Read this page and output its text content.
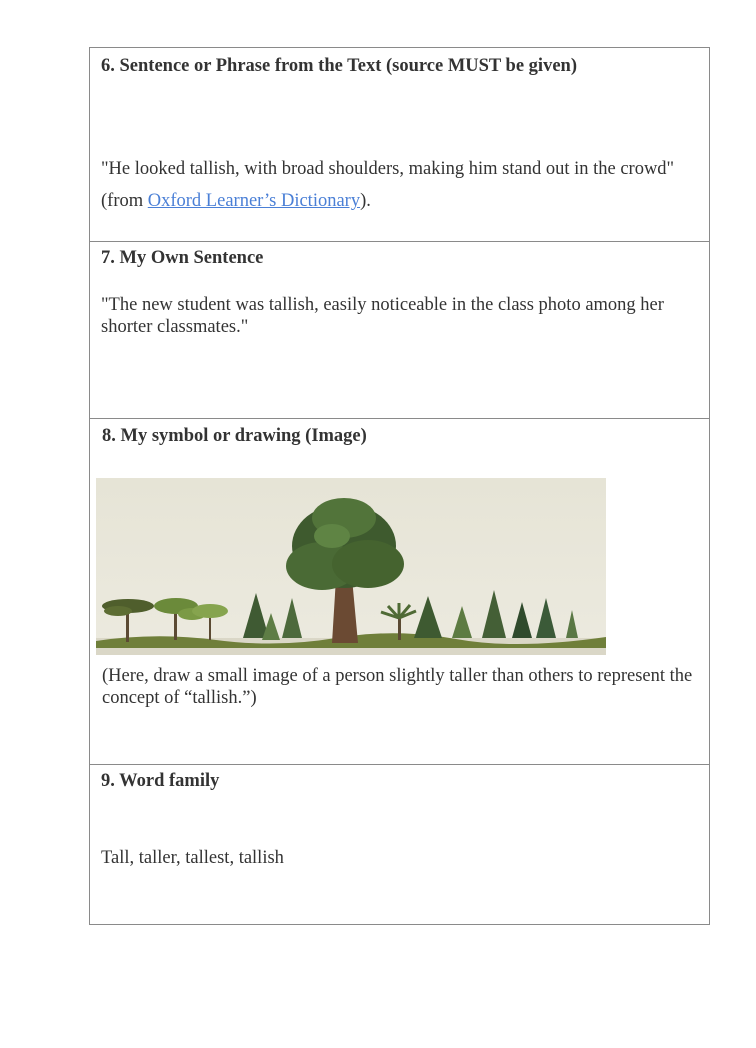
6. Sentence or Phrase from the Text (source MUST be given)
"He looked tallish, with broad shoulders, making him stand out in the crowd"
(from Oxford Learner’s Dictionary).
7. My Own Sentence
"The new student was tallish, easily noticeable in the class photo among her shorter classmates."
8. My symbol or drawing (Image)
(Here, draw a small image of a person slightly taller than others to represent the concept of “tallish.”)
9. Word family
Tall, taller, tallest, tallish
